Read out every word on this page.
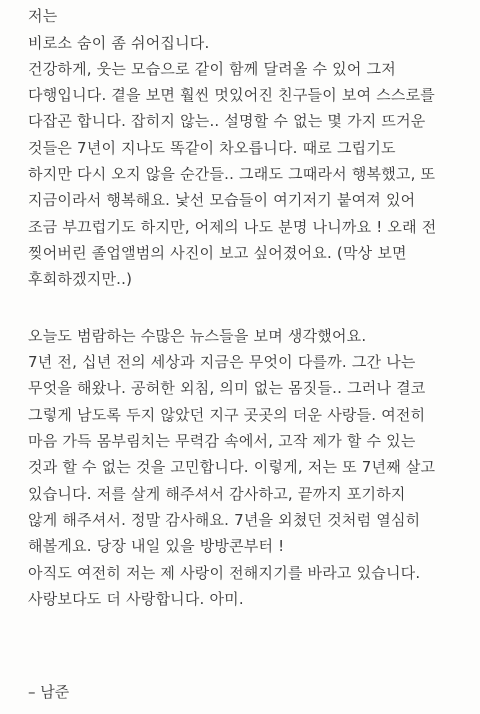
저는
비로소 숨이 좀 쉬어집니다.
건강하게, 웃는 모습으로 같이 함께 달려올 수 있어 그저
다행입니다. 곁을 보면 훨씬 멋있어진 친구들이 보여 스스로를
다잡곤 합니다. 잡히지 않는.. 설명할 수 없는 몇 가지 뜨거운
것들은 7년이 지나도 똑같이 차오릅니다. 때로 그립기도
하지만 다시 오지 않을 순간들.. 그래도 그때라서 행복했고, 또
지금이라서 행복해요. 낯선 모습들이 여기저기 붙여져 있어
조금 부끄럽기도 하지만, 어제의 나도 분명 나니까요 ! 오래 전
찢어버린 졸업앨범의 사진이 보고 싶어졌어요. (막상 보면
후회하겠지만..)
오늘도 범람하는 수많은 뉴스들을 보며 생각했어요.
7년 전, 십년 전의 세상과 지금은 무엇이 다를까. 그간 나는
무엇을 해왔나. 공허한 외침, 의미 없는 몸짓들.. 그러나 결코
그렇게 남도록 두지 않았던 지구 곳곳의 더운 사랑들. 여전히
마음 가득 몸부림치는 무력감 속에서, 고작 제가 할 수 있는
것과 할 수 없는 것을 고민합니다. 이렇게, 저는 또 7년째 살고
있습니다. 저를 살게 해주셔서 감사하고, 끝까지 포기하지
않게 해주셔서. 정말 감사해요. 7년을 외쳤던 것처럼 열심히
해볼게요. 당장 내일 있을 방방콘부터 !
아직도 여전히 저는 제 사랑이 전해지기를 바라고 있습니다.
사랑보다도 더 사랑합니다. 아미.
– 남준
